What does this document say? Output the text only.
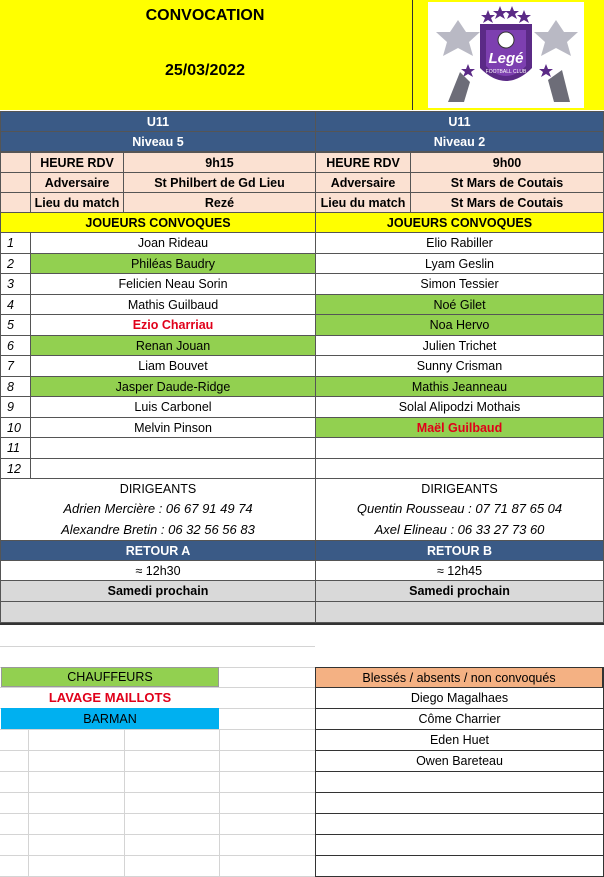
CONVOCATION
25/03/2022
Legé
FOOTBALL CLUB
U11	U11
Niveau 5	Niveau 2
HEURE RDV	9h15	HEURE RDV	9h00
Adversaire	St Philbert de Gd Lieu	Adversaire	St Mars de Coutais
Lieu du match	Rezé	Lieu du match	St Mars de Coutais
JOUEURS CONVOQUES	JOUEURS CONVOQUES
1	Joan Rideau	Elio Rabiller
2	Philéas Baudry	Lyam Geslin
3	Felicien Neau Sorin	Simon Tessier
4	Mathis Guilbaud	Noé Gilet
5	Ezio Charriau	Noa Hervo
6	Renan Jouan	Julien Trichet
7	Liam Bouvet	Sunny Crisman
8	Jasper Daude-Ridge	Mathis Jeanneau
9	Luis Carbonel	Solal Alipodzi Mothais
10	Melvin Pinson	Maël Guilbaud
11
12
DIRIGEANTS	DIRIGEANTS
Adrien Mercière : 06 67 91 49 74	Quentin Rousseau : 07 71 87 65 04
Alexandre Bretin : 06 32 56 56 83	Axel Elineau : 06 33 27 73 60
RETOUR A	RETOUR B
≈ 12h30	≈ 12h45
Samedi prochain	Samedi prochain
CHAUFFEURS
LAVAGE MAILLOTS
BARMAN
Blessés / absents / non convoqués
Diego Magalhaes
Côme Charrier
Eden Huet
Owen Bareteau
